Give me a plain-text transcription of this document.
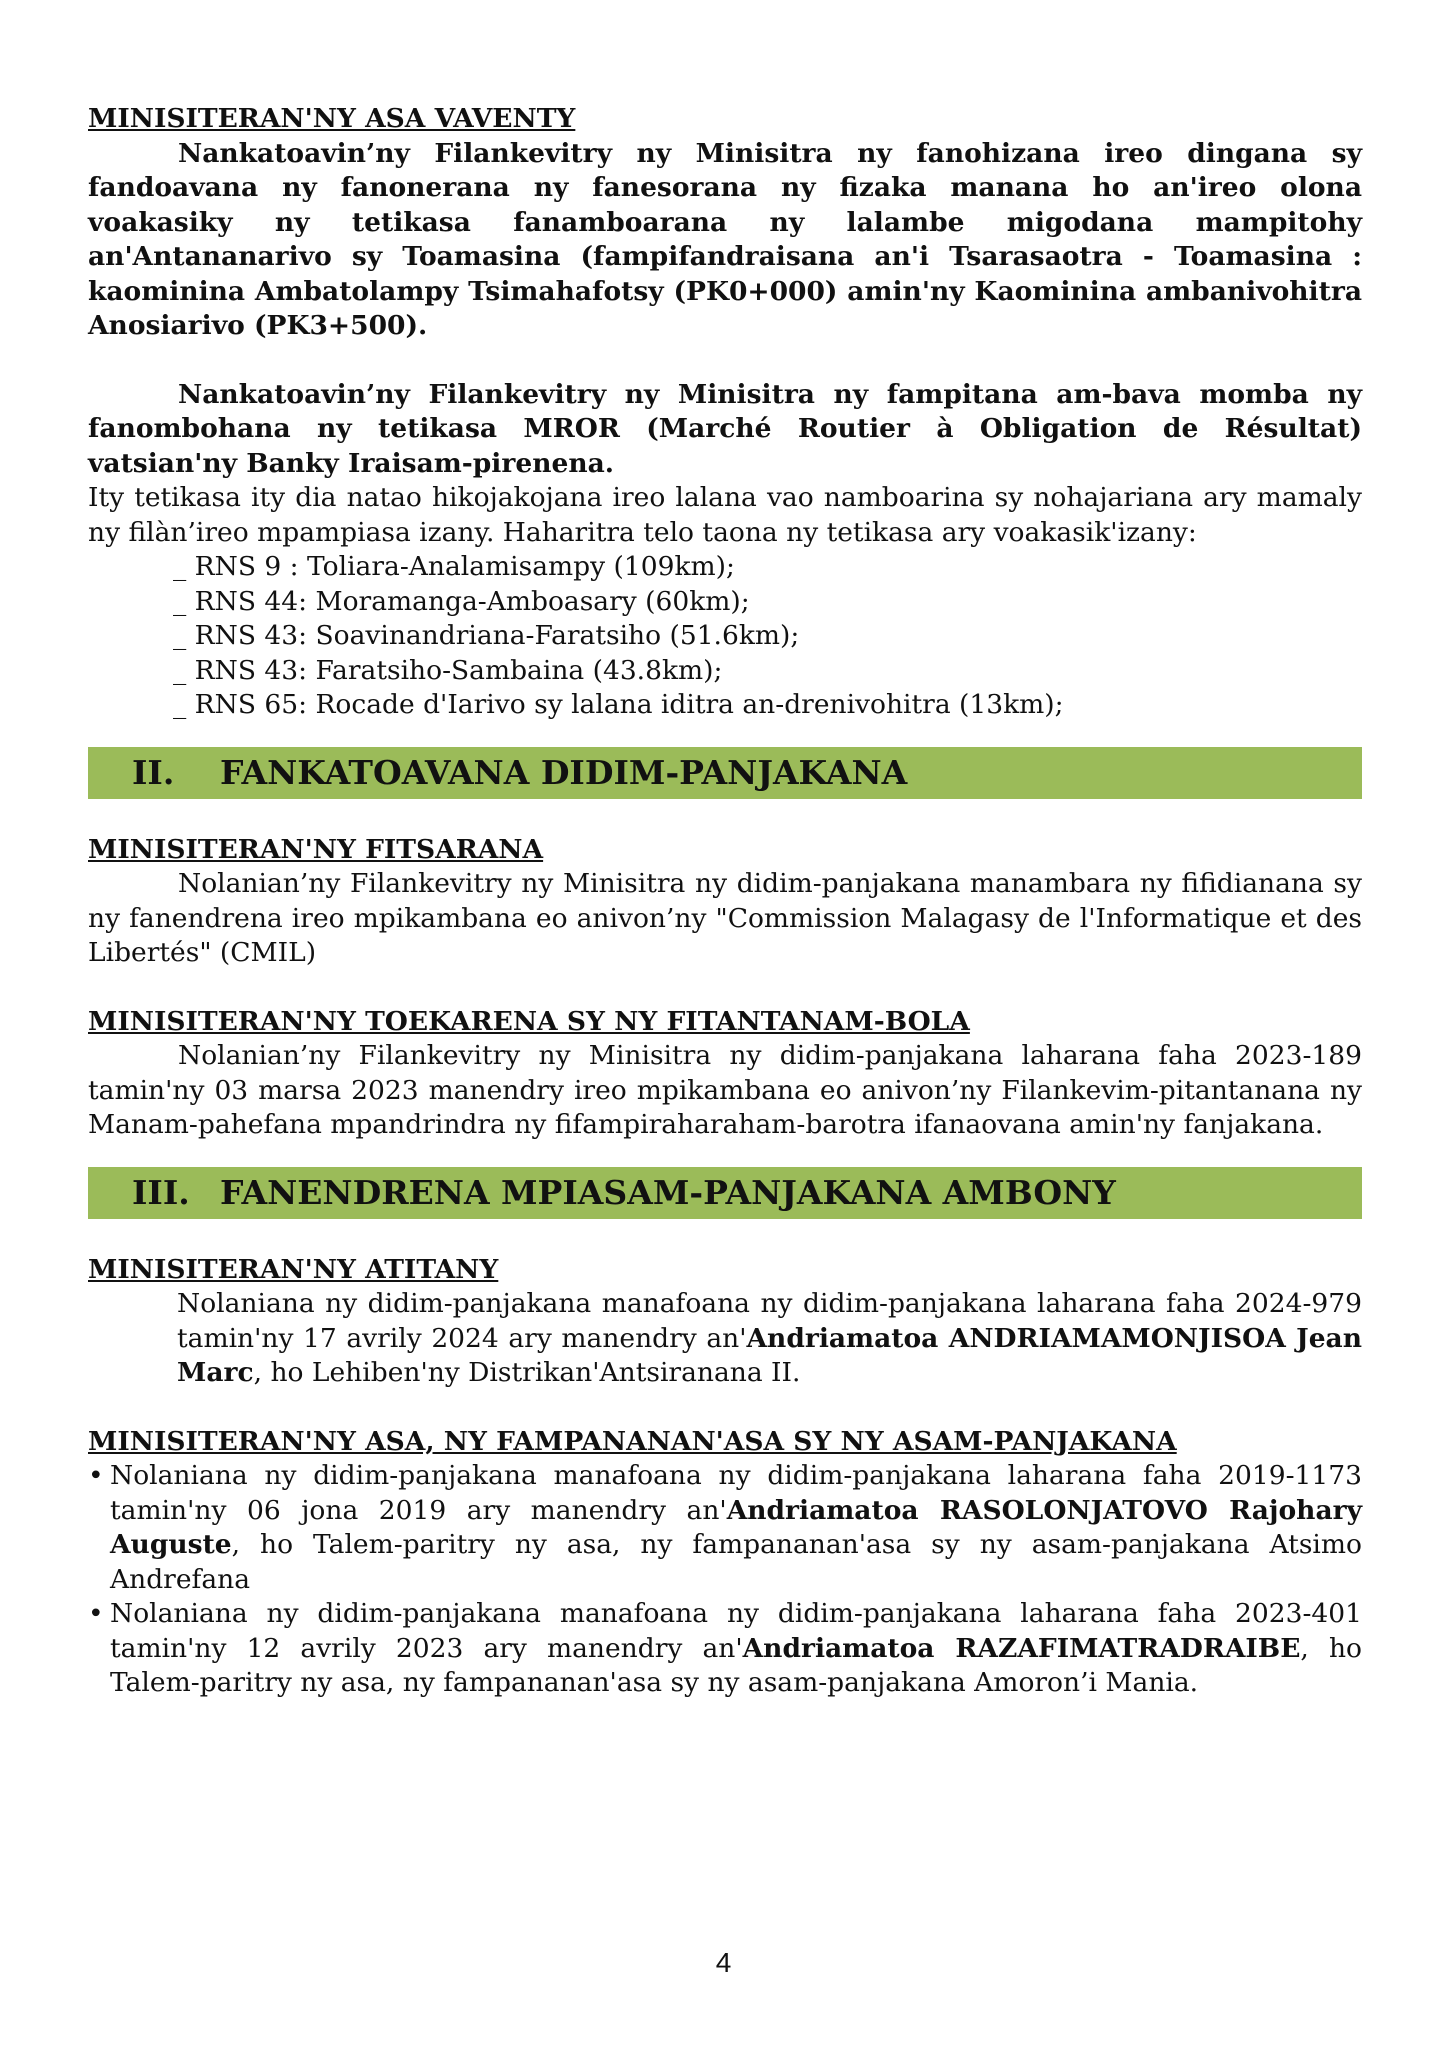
MINISITERAN'NY ASA VAVENTY

Nankatoavin’ny Filankevitry ny Minisitra ny fanohizana ireo dingana sy fandoavana ny fanonerana ny fanesorana ny fizaka manana ho an'ireo olona voakasiky ny tetikasa fanamboarana ny lalambe migodana mampitohy an'Antananarivo sy Toamasina (fampifandraisana an'i Tsarasaotra - Toamasina : kaominina Ambatolampy Tsimahafotsy (PK0+000) amin'ny Kaominina ambanivohitra Anosiarivo (PK3+500).

Nankatoavin’ny Filankevitry ny Minisitra ny fampitana am-bava momba ny fanombohana ny tetikasa MROR (Marché Routier à Obligation de Résultat) vatsian'ny Banky Iraisam-pirenena.

Ity tetikasa ity dia natao hikojakojana ireo lalana vao namboarina sy nohajariana ary mamaly ny filàn’ireo mpampiasa izany. Haharitra telo taona ny tetikasa ary voakasik'izany:

_ RNS 9 : Toliara-Analamisampy (109km);
_ RNS 44: Moramanga-Amboasary (60km);
_ RNS 43: Soavinandriana-Faratsiho (51.6km);
_ RNS 43: Faratsiho-Sambaina (43.8km);
_ RNS 65: Rocade d'Iarivo sy lalana iditra an-drenivohitra (13km);
II. FANKATOAVANA DIDIM-PANJAKANA

MINISITERAN'NY FITSARANA

Nolanian’ny Filankevitry ny Minisitra ny didim-panjakana manambara ny fifidianana sy ny fanendrena ireo mpikambana eo anivon’ny "Commission Malagasy de l'Informatique et des Libertés" (CMIL)

MINISITERAN'NY TOEKARENA SY NY FITANTANAM-BOLA

Nolanian’ny Filankevitry ny Minisitra ny didim-panjakana laharana faha 2023-189 tamin'ny 03 marsa 2023 manendry ireo mpikambana eo anivon’ny Filankevim-pitantanana ny Manam-pahefana mpandrindra ny fifampiraharaham-barotra ifanaovana amin'ny fanjakana.

III. FANENDRENA MPIASAM-PANJAKANA AMBONY

MINISITERAN'NY ATITANY

Nolaniana ny didim-panjakana manafoana ny didim-panjakana laharana faha 2024-979 tamin'ny 17 avrily 2024 ary manendry an'Andriamatoa ANDRIAMAMONJISOA Jean Marc, ho Lehiben'ny Distrikan'Antsiranana II.

MINISITERAN'NY ASA, NY FAMPANANAN'ASA SY NY ASAM-PANJAKANA

• Nolaniana ny didim-panjakana manafoana ny didim-panjakana laharana faha 2019-1173 tamin'ny 06 jona 2019 ary manendry an'Andriamatoa RASOLONJATOVO Rajohary Auguste, ho Talem-paritry ny asa, ny fampananan'asa sy ny asam-panjakana Atsimo Andrefana
• Nolaniana ny didim-panjakana manafoana ny didim-panjakana laharana faha 2023-401 tamin'ny 12 avrily 2023 ary manendry an'Andriamatoa RAZAFIMATRADRAIBE, ho Talem-paritry ny asa, ny fampananan'asa sy ny asam-panjakana Amoron’i Mania.
4
